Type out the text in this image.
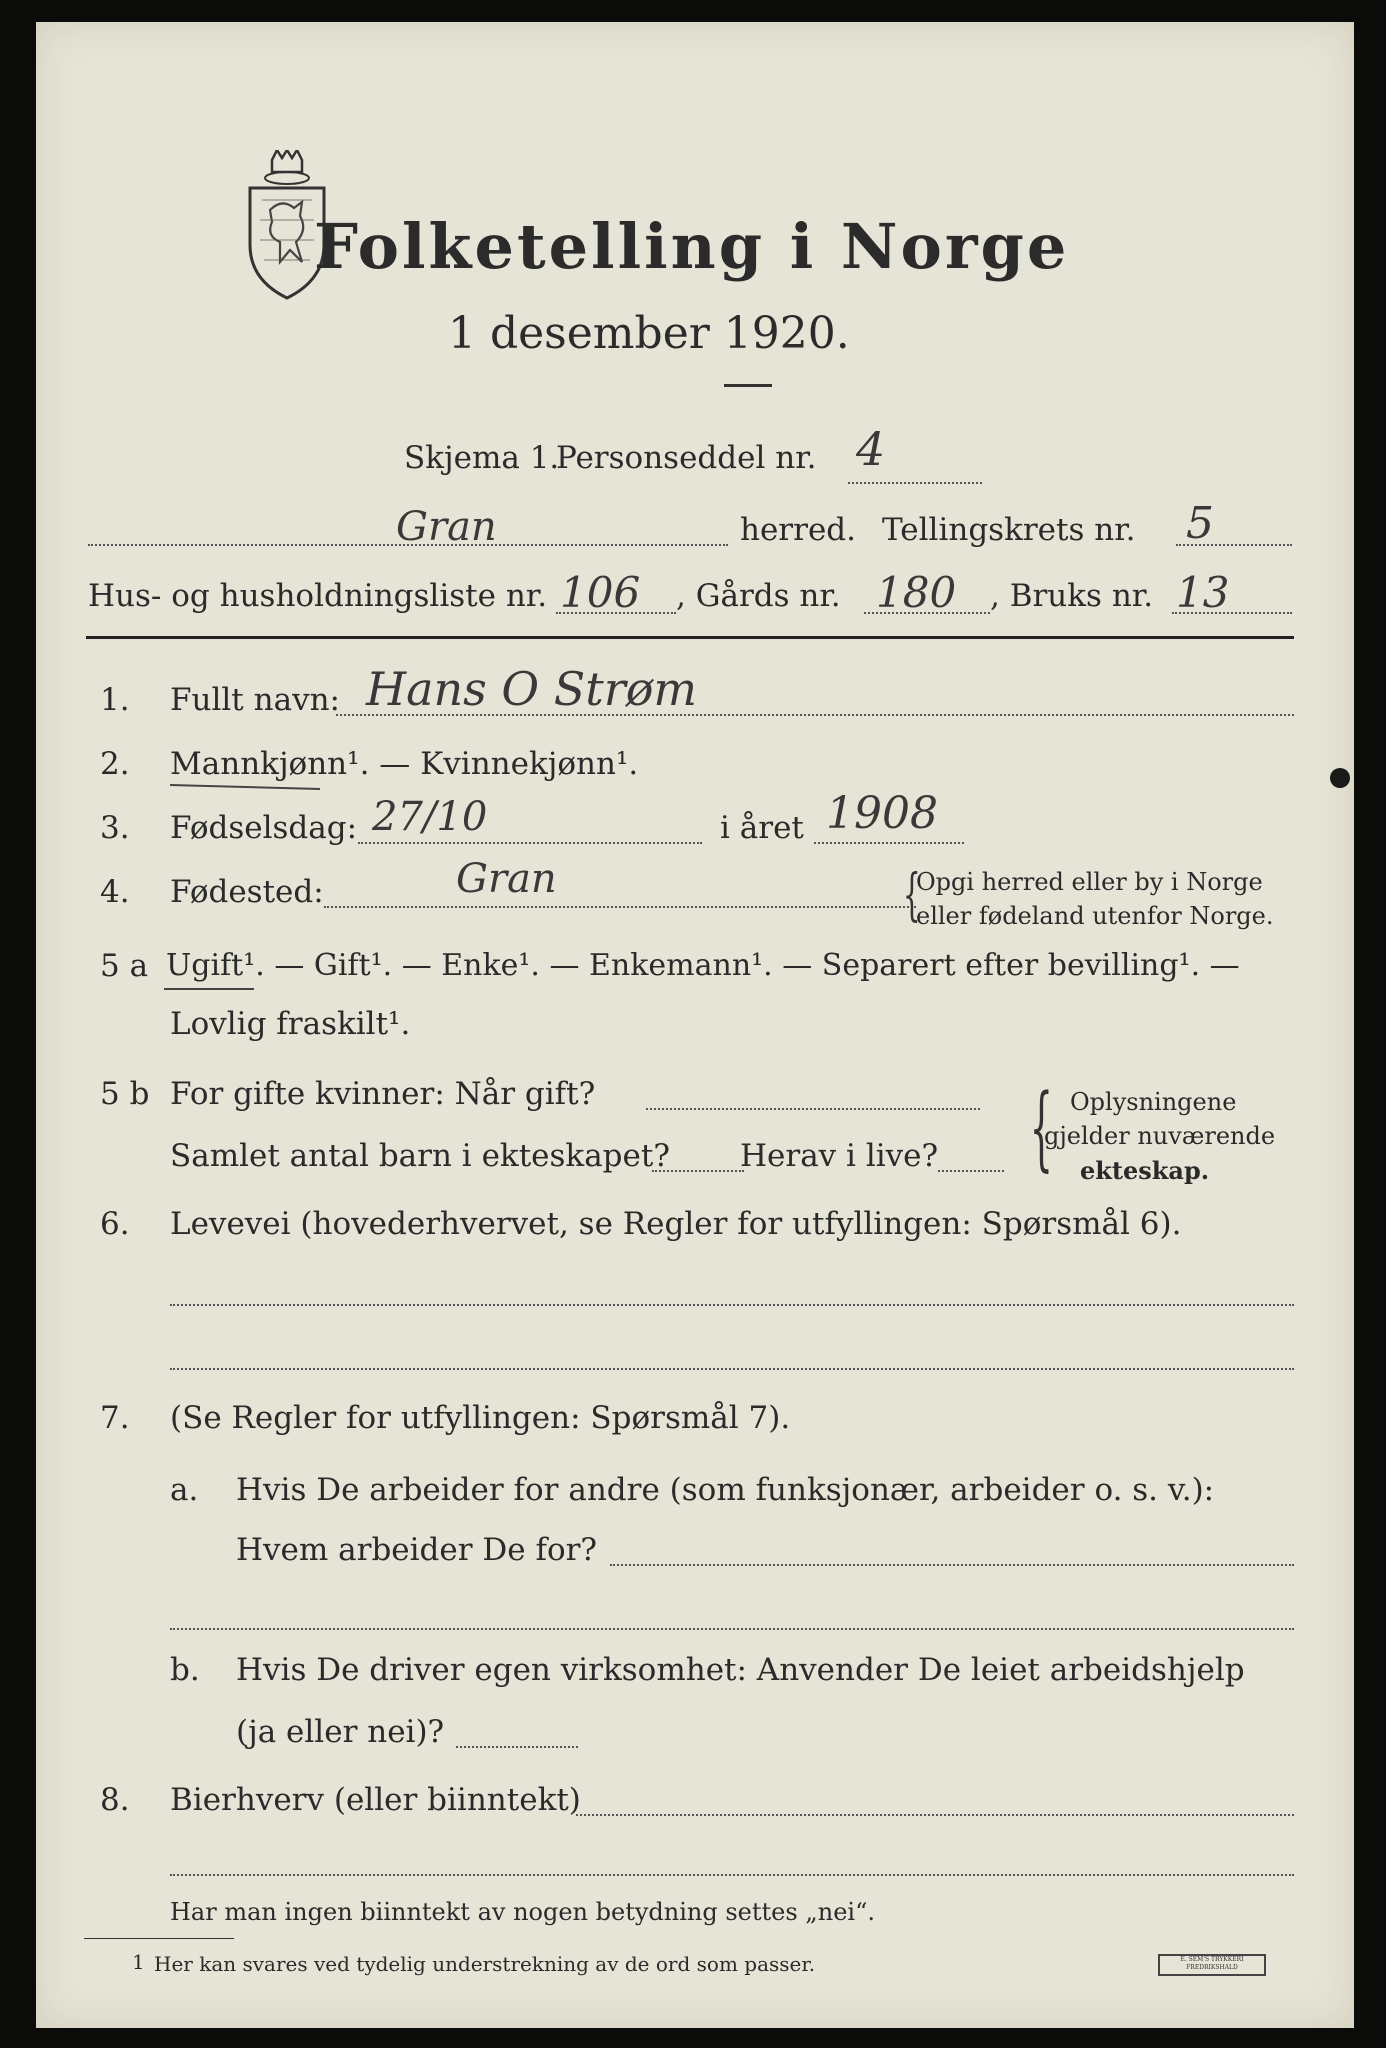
Folketelling i Norge
1 desember 1920.
Skjema 1.
Personseddel nr. 4
Gran	herred. Tellingskrets nr. 5
Hus- og husholdningsliste nr. 106 , Gårds nr. 180 , Bruks nr. 13
1. Fullt navn: Hans O Strøm
2. Mannkjønn¹. — Kvinnekjønn¹.
3. Fødselsdag: 27/10	i året 1908
4. Fødested:	Gran	{
Opgi herred eller by i Norge
eller fødeland utenfor Norge.
5 a Ugift¹. — Gift¹. — Enke¹. — Enkemann¹. — Separert efter bevilling¹. —
Lovlig fraskilt¹.
5 b For gifte kvinner: Når gift?
Samlet antal barn i ekteskapet? Herav i live? { Oplysningene
gjelder nuværende
ekteskap.
6. Levevei (hovederhvervet, se Regler for utfyllingen: Spørsmål 6).
7. (Se Regler for utfyllingen: Spørsmål 7).
a. Hvis De arbeider for andre (som funksjonær, arbeider o. s. v.):
Hvem arbeider De for?
b. Hvis De driver egen virksomhet: Anvender De leiet arbeidshjelp
(ja eller nei)?
8. Bierhverv (eller biinntekt)
Har man ingen biinntekt av nogen betydning settes „nei“.
1 Her kan svares ved tydelig understrekning av de ord som passer.	E. SEM'S TRYKKERI FREDRIKSHALD
